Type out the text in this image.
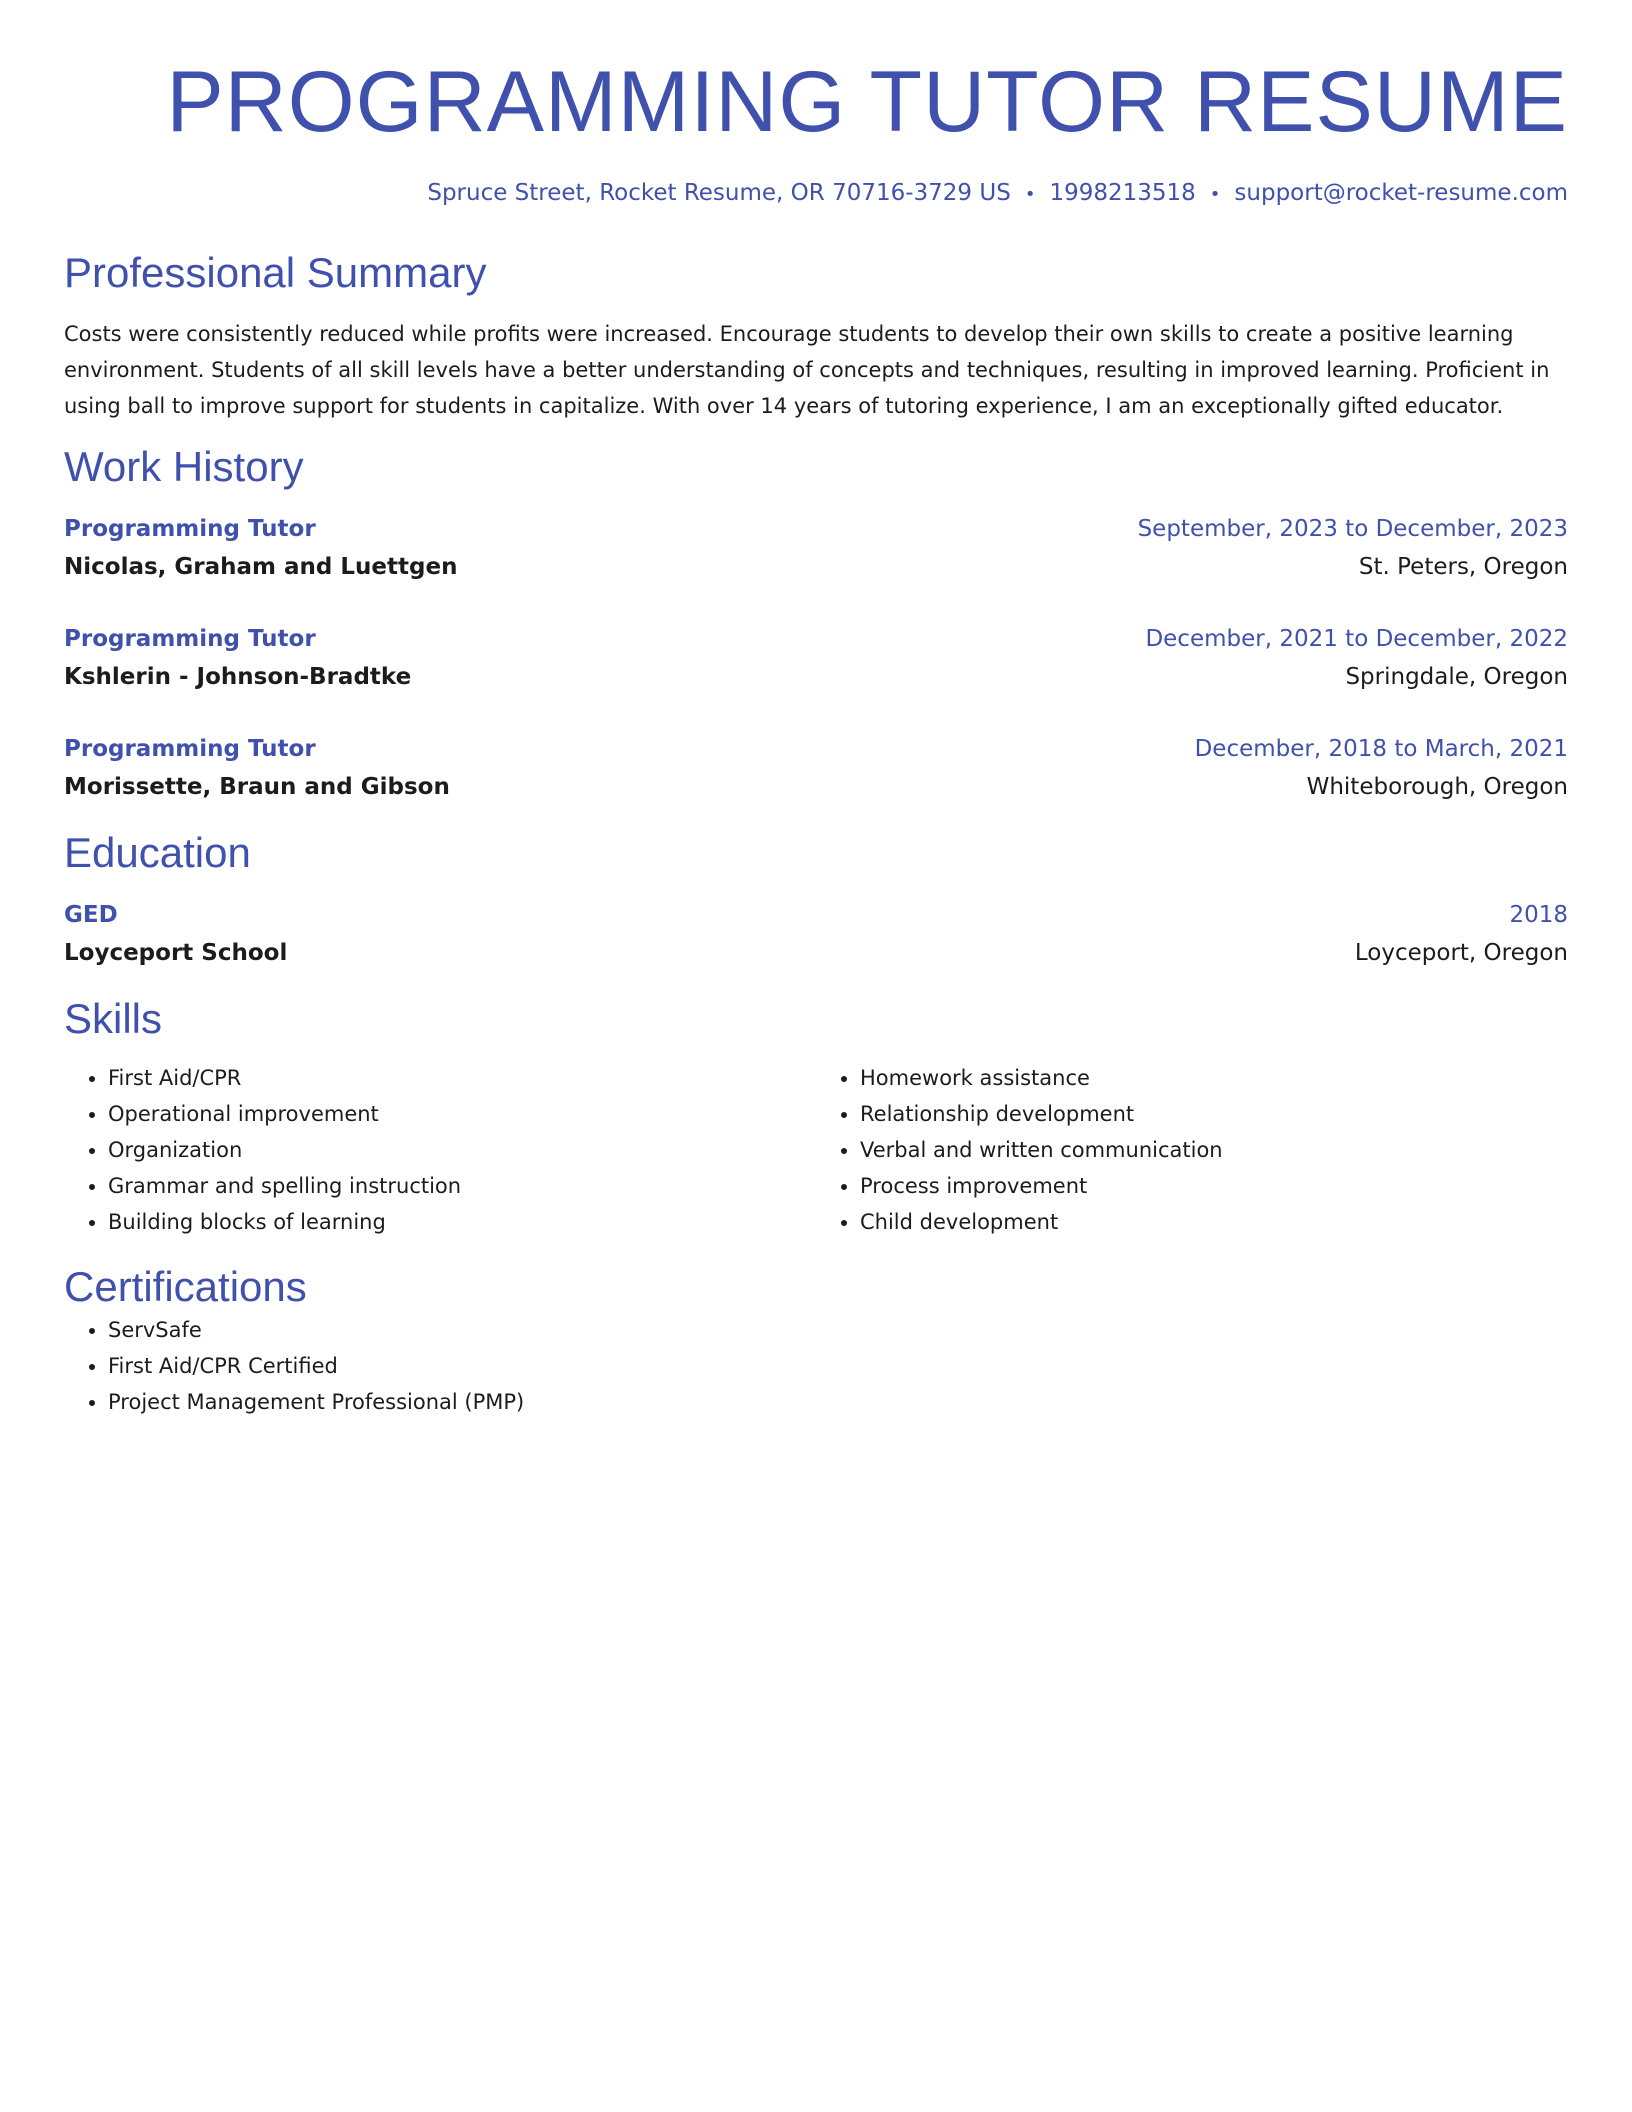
PROGRAMMING TUTOR RESUME
Spruce Street, Rocket Resume, OR 70716-3729 US • 1998213518 • support@rocket-resume.com
Professional Summary
Costs were consistently reduced while profits were increased. Encourage students to develop their own skills to create a positive learning environment. Students of all skill levels have a better understanding of concepts and techniques, resulting in improved learning. Proficient in using ball to improve support for students in capitalize. With over 14 years of tutoring experience, I am an exceptionally gifted educator.
Work History
Programming Tutor	September, 2023 to December, 2023
Nicolas, Graham and Luettgen	St. Peters, Oregon
Programming Tutor	December, 2021 to December, 2022
Kshlerin - Johnson-Bradtke	Springdale, Oregon
Programming Tutor	December, 2018 to March, 2021
Morissette, Braun and Gibson	Whiteborough, Oregon
Education
GED	2018
Loyceport School	Loyceport, Oregon
Skills
• First Aid/CPR
• Operational improvement
• Organization
• Grammar and spelling instruction
• Building blocks of learning
• Homework assistance
• Relationship development
• Verbal and written communication
• Process improvement
• Child development
Certifications
• ServSafe
• First Aid/CPR Certified
• Project Management Professional (PMP)
